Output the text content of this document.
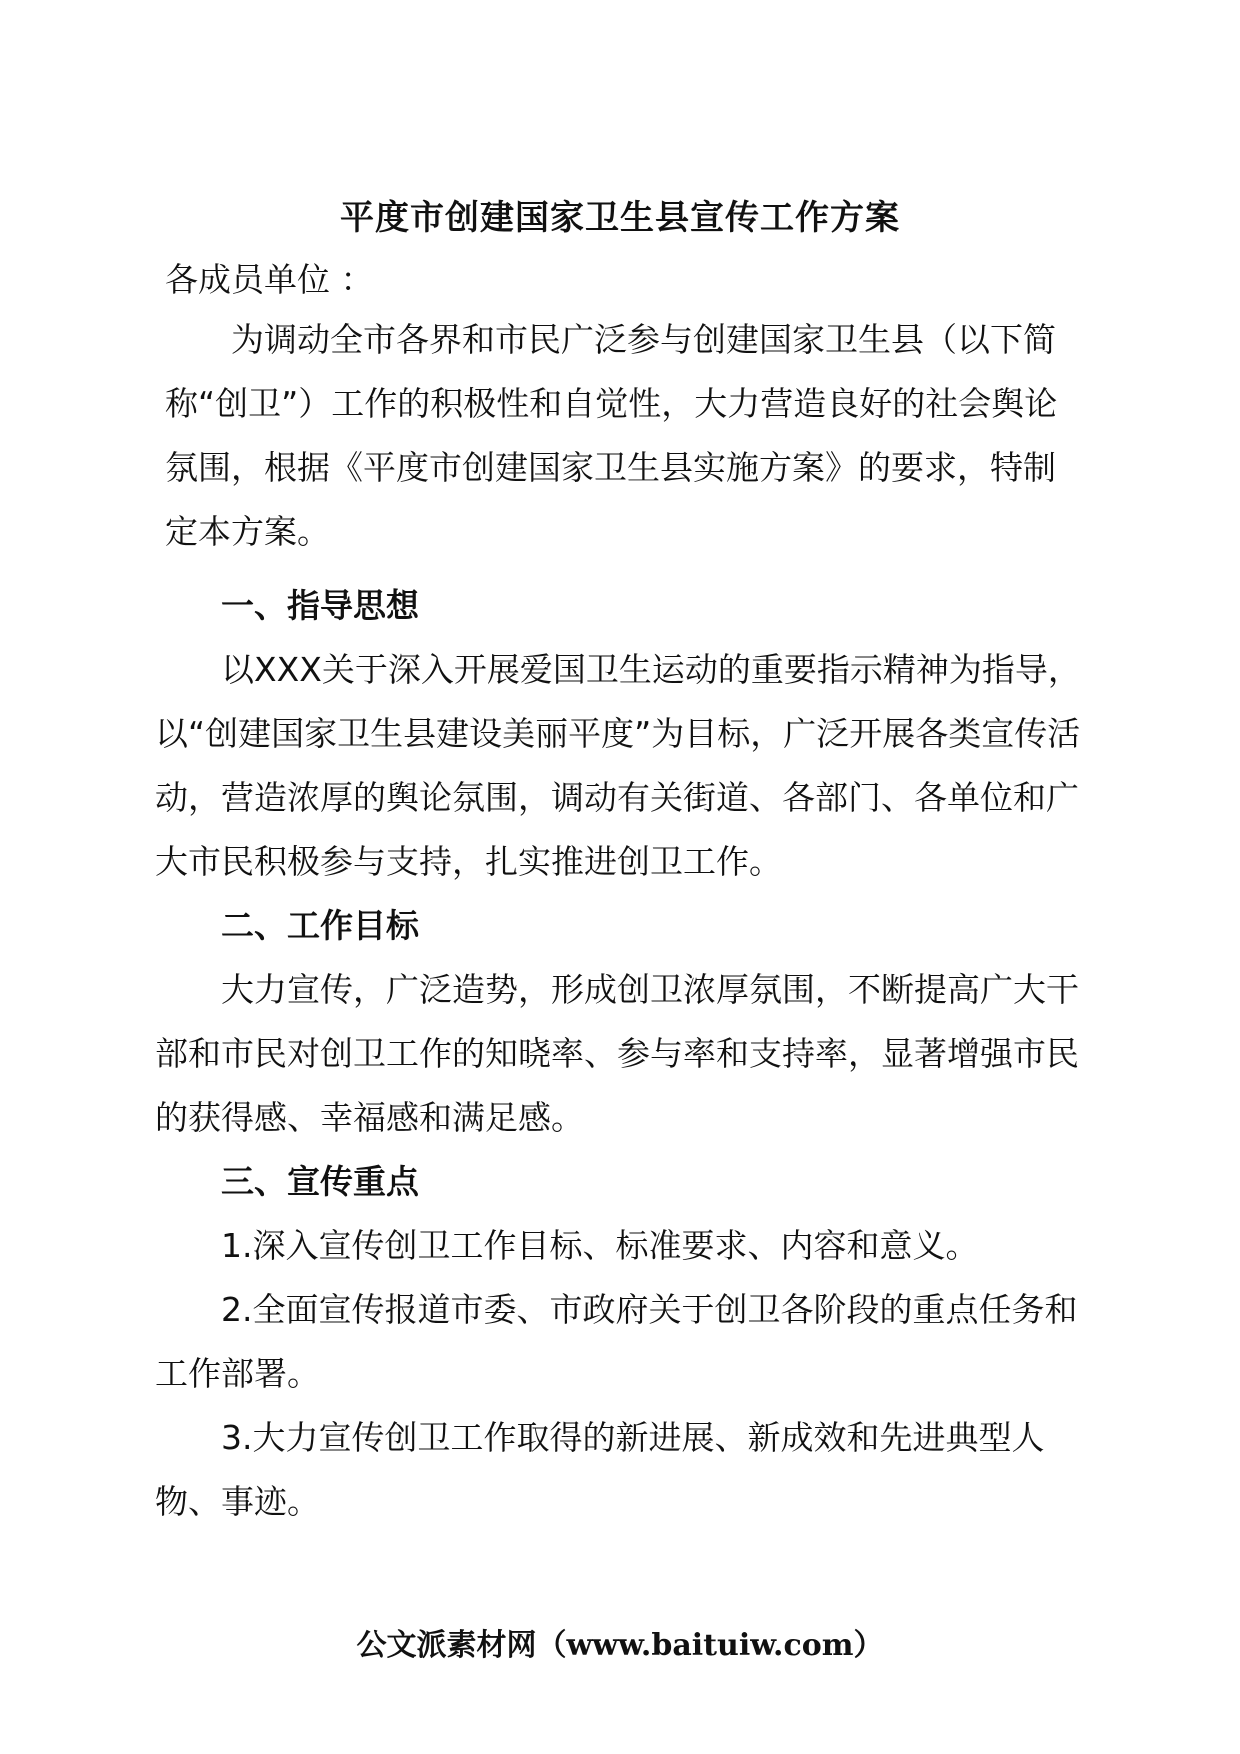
平度市创建国家卫生县宣传工作方案
各成员单位 ：
为调动全市各界和市民广泛参与创建国家卫生县（以下简称“创卫”）工作的积极性和自觉性，大力营造良好的社会舆论氛围，根据《平度市创建国家卫生县实施方案》的要求，特制定本方案。

一、指导思想

以XXX关于深入开展爱国卫生运动的重要指示精神为指导，以“创建国家卫生县建设美丽平度”为目标，广泛开展各类宣传活动，营造浓厚的舆论氛围，调动有关街道、各部门、各单位和广大市民积极参与支持，扎实推进创卫工作。

二、工作目标

大力宣传，广泛造势，形成创卫浓厚氛围，不断提高广大干部和市民对创卫工作的知晓率、参与率和支持率，显著增强市民的获得感、幸福感和满足感。

三、宣传重点

1.深入宣传创卫工作目标、标准要求、内容和意义。

2.全面宣传报道市委、市政府关于创卫各阶段的重点任务和工作部署。

3.大力宣传创卫工作取得的新进展、新成效和先进典型人物、事迹。

公文派素材网（www.baituiw.com）
